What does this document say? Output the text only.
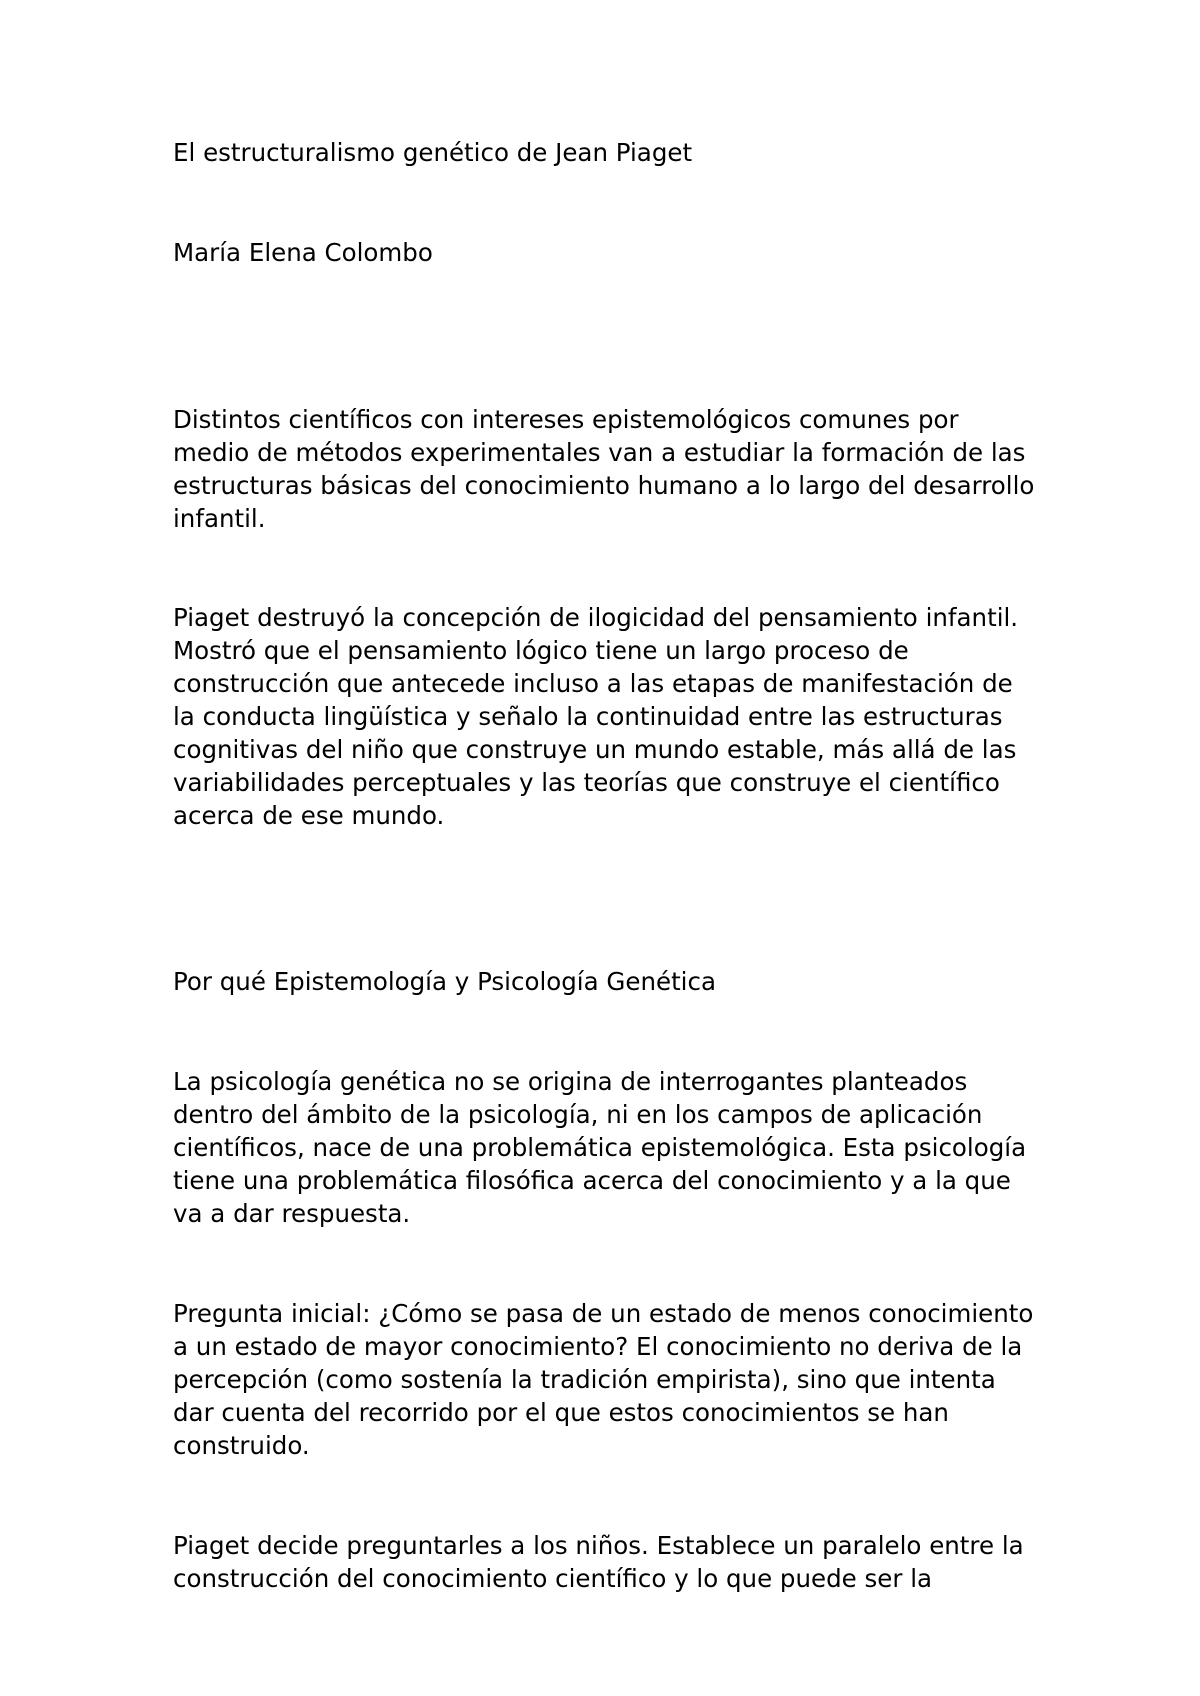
El estructuralismo genético de Jean Piaget

María Elena Colombo

Distintos científicos con intereses epistemológicos comunes por
medio de métodos experimentales van a estudiar la formación de las
estructuras básicas del conocimiento humano a lo largo del desarrollo
infantil.

Piaget destruyó la concepción de ilogicidad del pensamiento infantil.
Mostró que el pensamiento lógico tiene un largo proceso de
construcción que antecede incluso a las etapas de manifestación de
la conducta lingüística y señalo la continuidad entre las estructuras
cognitivas del niño que construye un mundo estable, más allá de las
variabilidades perceptuales y las teorías que construye el científico
acerca de ese mundo.

Por qué Epistemología y Psicología Genética

La psicología genética no se origina de interrogantes planteados
dentro del ámbito de la psicología, ni en los campos de aplicación
científicos, nace de una problemática epistemológica. Esta psicología
tiene una problemática filosófica acerca del conocimiento y a la que
va a dar respuesta.

Pregunta inicial: ¿Cómo se pasa de un estado de menos conocimiento
a un estado de mayor conocimiento? El conocimiento no deriva de la
percepción (como sostenía la tradición empirista), sino que intenta
dar cuenta del recorrido por el que estos conocimientos se han
construido.

Piaget decide preguntarles a los niños. Establece un paralelo entre la
construcción del conocimiento científico y lo que puede ser la
